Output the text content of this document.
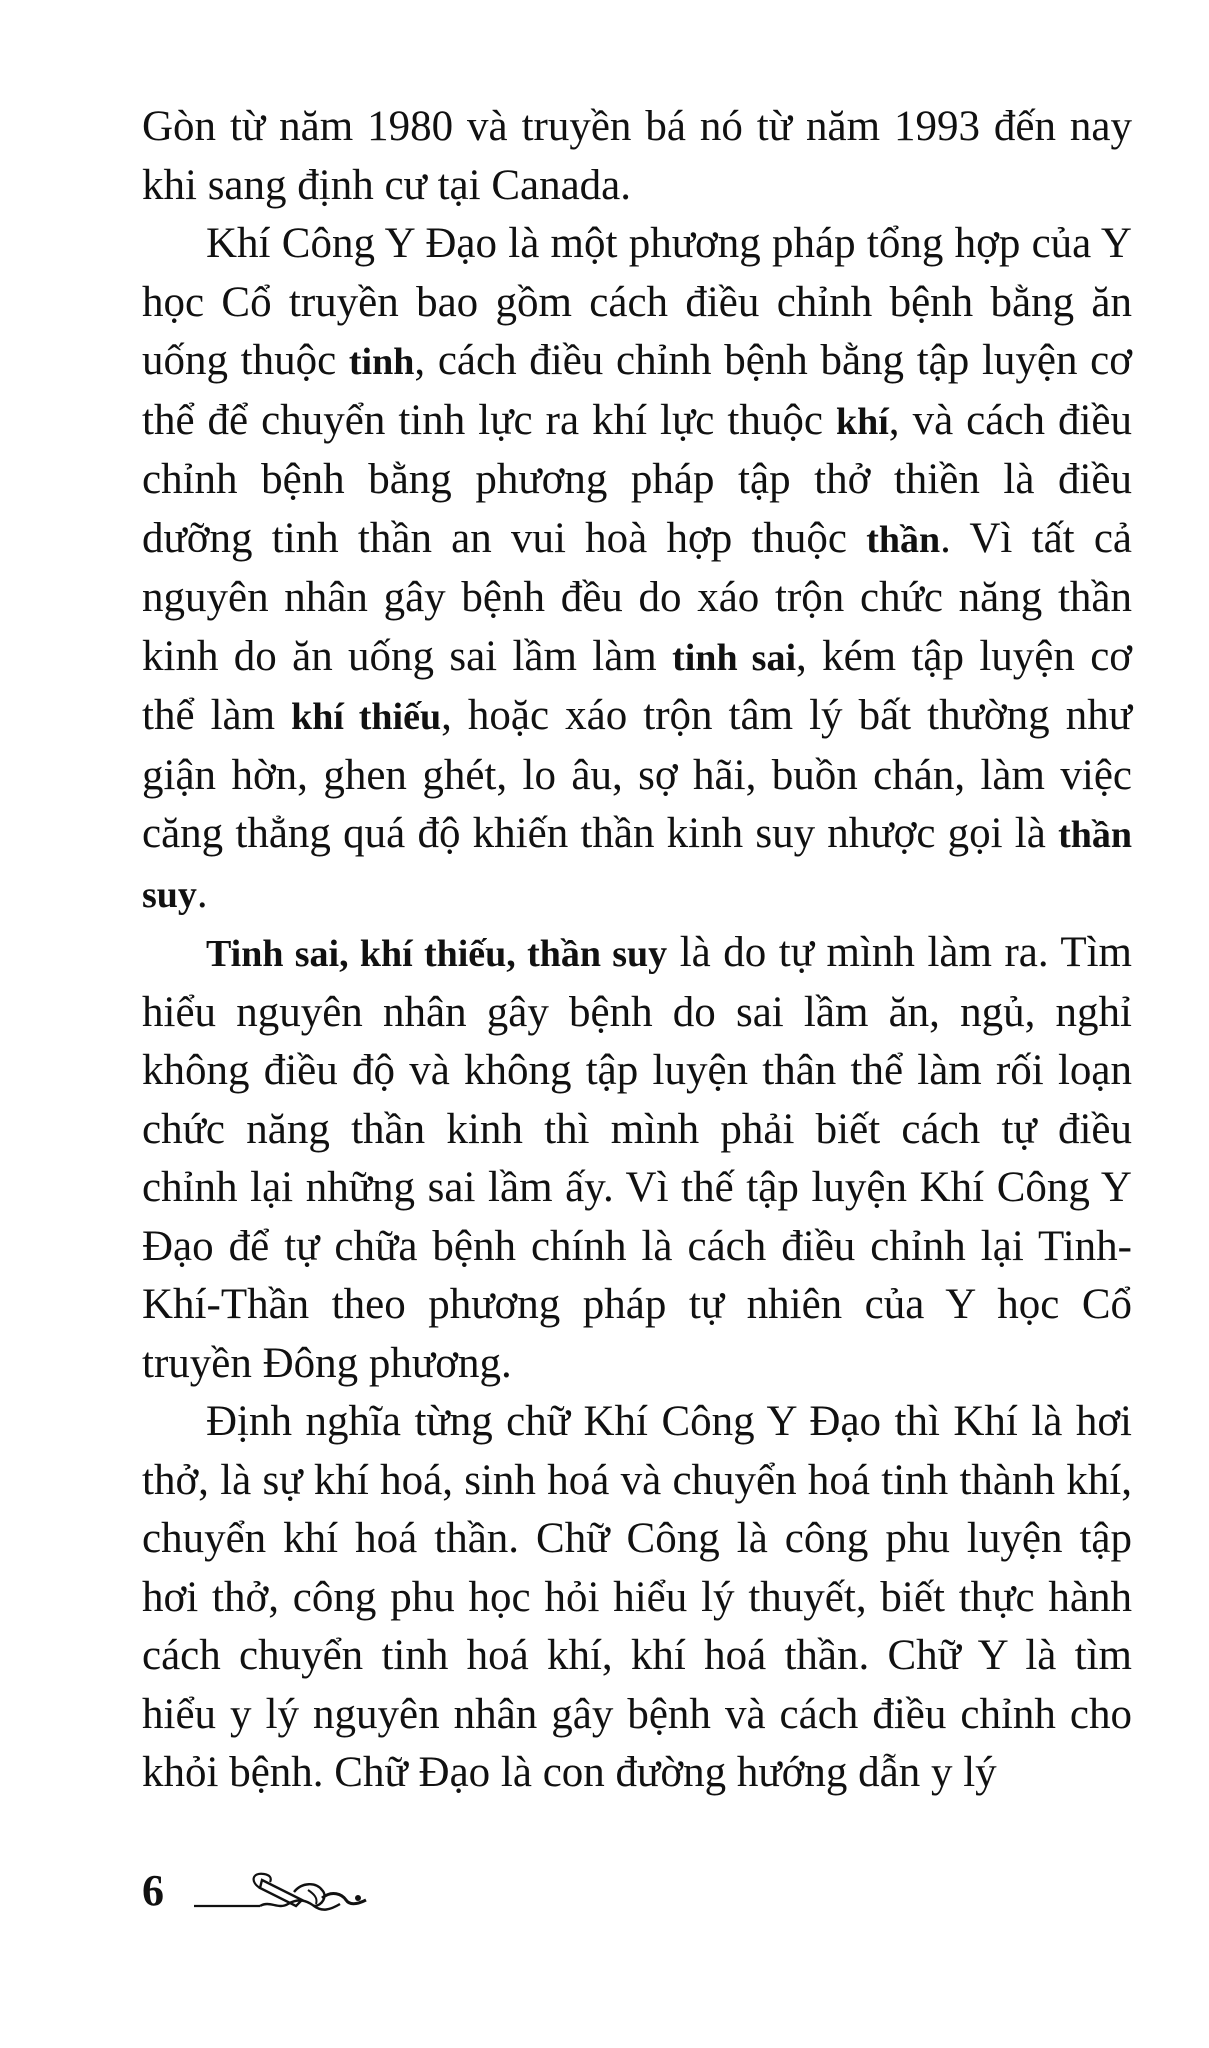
Gòn từ năm 1980 và truyền bá nó từ năm 1993 đến nay khi sang định cư tại Canada.

Khí Công Y Đạo là một phương pháp tổng hợp của Y học Cổ truyền bao gồm cách điều chỉnh bệnh bằng ăn uống thuộc tinh, cách điều chỉnh bệnh bằng tập luyện cơ thể để chuyển tinh lực ra khí lực thuộc khí, và cách điều chỉnh bệnh bằng phương pháp tập thở thiền là điều dưỡng tinh thần an vui hoà hợp thuộc thần. Vì tất cả nguyên nhân gây bệnh đều do xáo trộn chức năng thần kinh do ăn uống sai lầm làm tinh sai, kém tập luyện cơ thể làm khí thiếu, hoặc xáo trộn tâm lý bất thường như giận hờn, ghen ghét, lo âu, sợ hãi, buồn chán, làm việc căng thẳng quá độ khiến thần kinh suy nhược gọi là thần suy.

Tinh sai, khí thiếu, thần suy là do tự mình làm ra. Tìm hiểu nguyên nhân gây bệnh do sai lầm ăn, ngủ, nghỉ không điều độ và không tập luyện thân thể làm rối loạn chức năng thần kinh thì mình phải biết cách tự điều chỉnh lại những sai lầm ấy. Vì thế tập luyện Khí Công Y Đạo để tự chữa bệnh chính là cách điều chỉnh lại Tinh-Khí-Thần theo phương pháp tự nhiên của Y học Cổ truyền Đông phương.

Định nghĩa từng chữ Khí Công Y Đạo thì Khí là hơi thở, là sự khí hoá, sinh hoá và chuyển hoá tinh thành khí, chuyển khí hoá thần. Chữ Công là công phu luyện tập hơi thở, công phu học hỏi hiểu lý thuyết, biết thực hành cách chuyển tinh hoá khí, khí hoá thần. Chữ Y là tìm hiểu y lý nguyên nhân gây bệnh và cách điều chỉnh cho khỏi bệnh. Chữ Đạo là con đường hướng dẫn y lý

6
